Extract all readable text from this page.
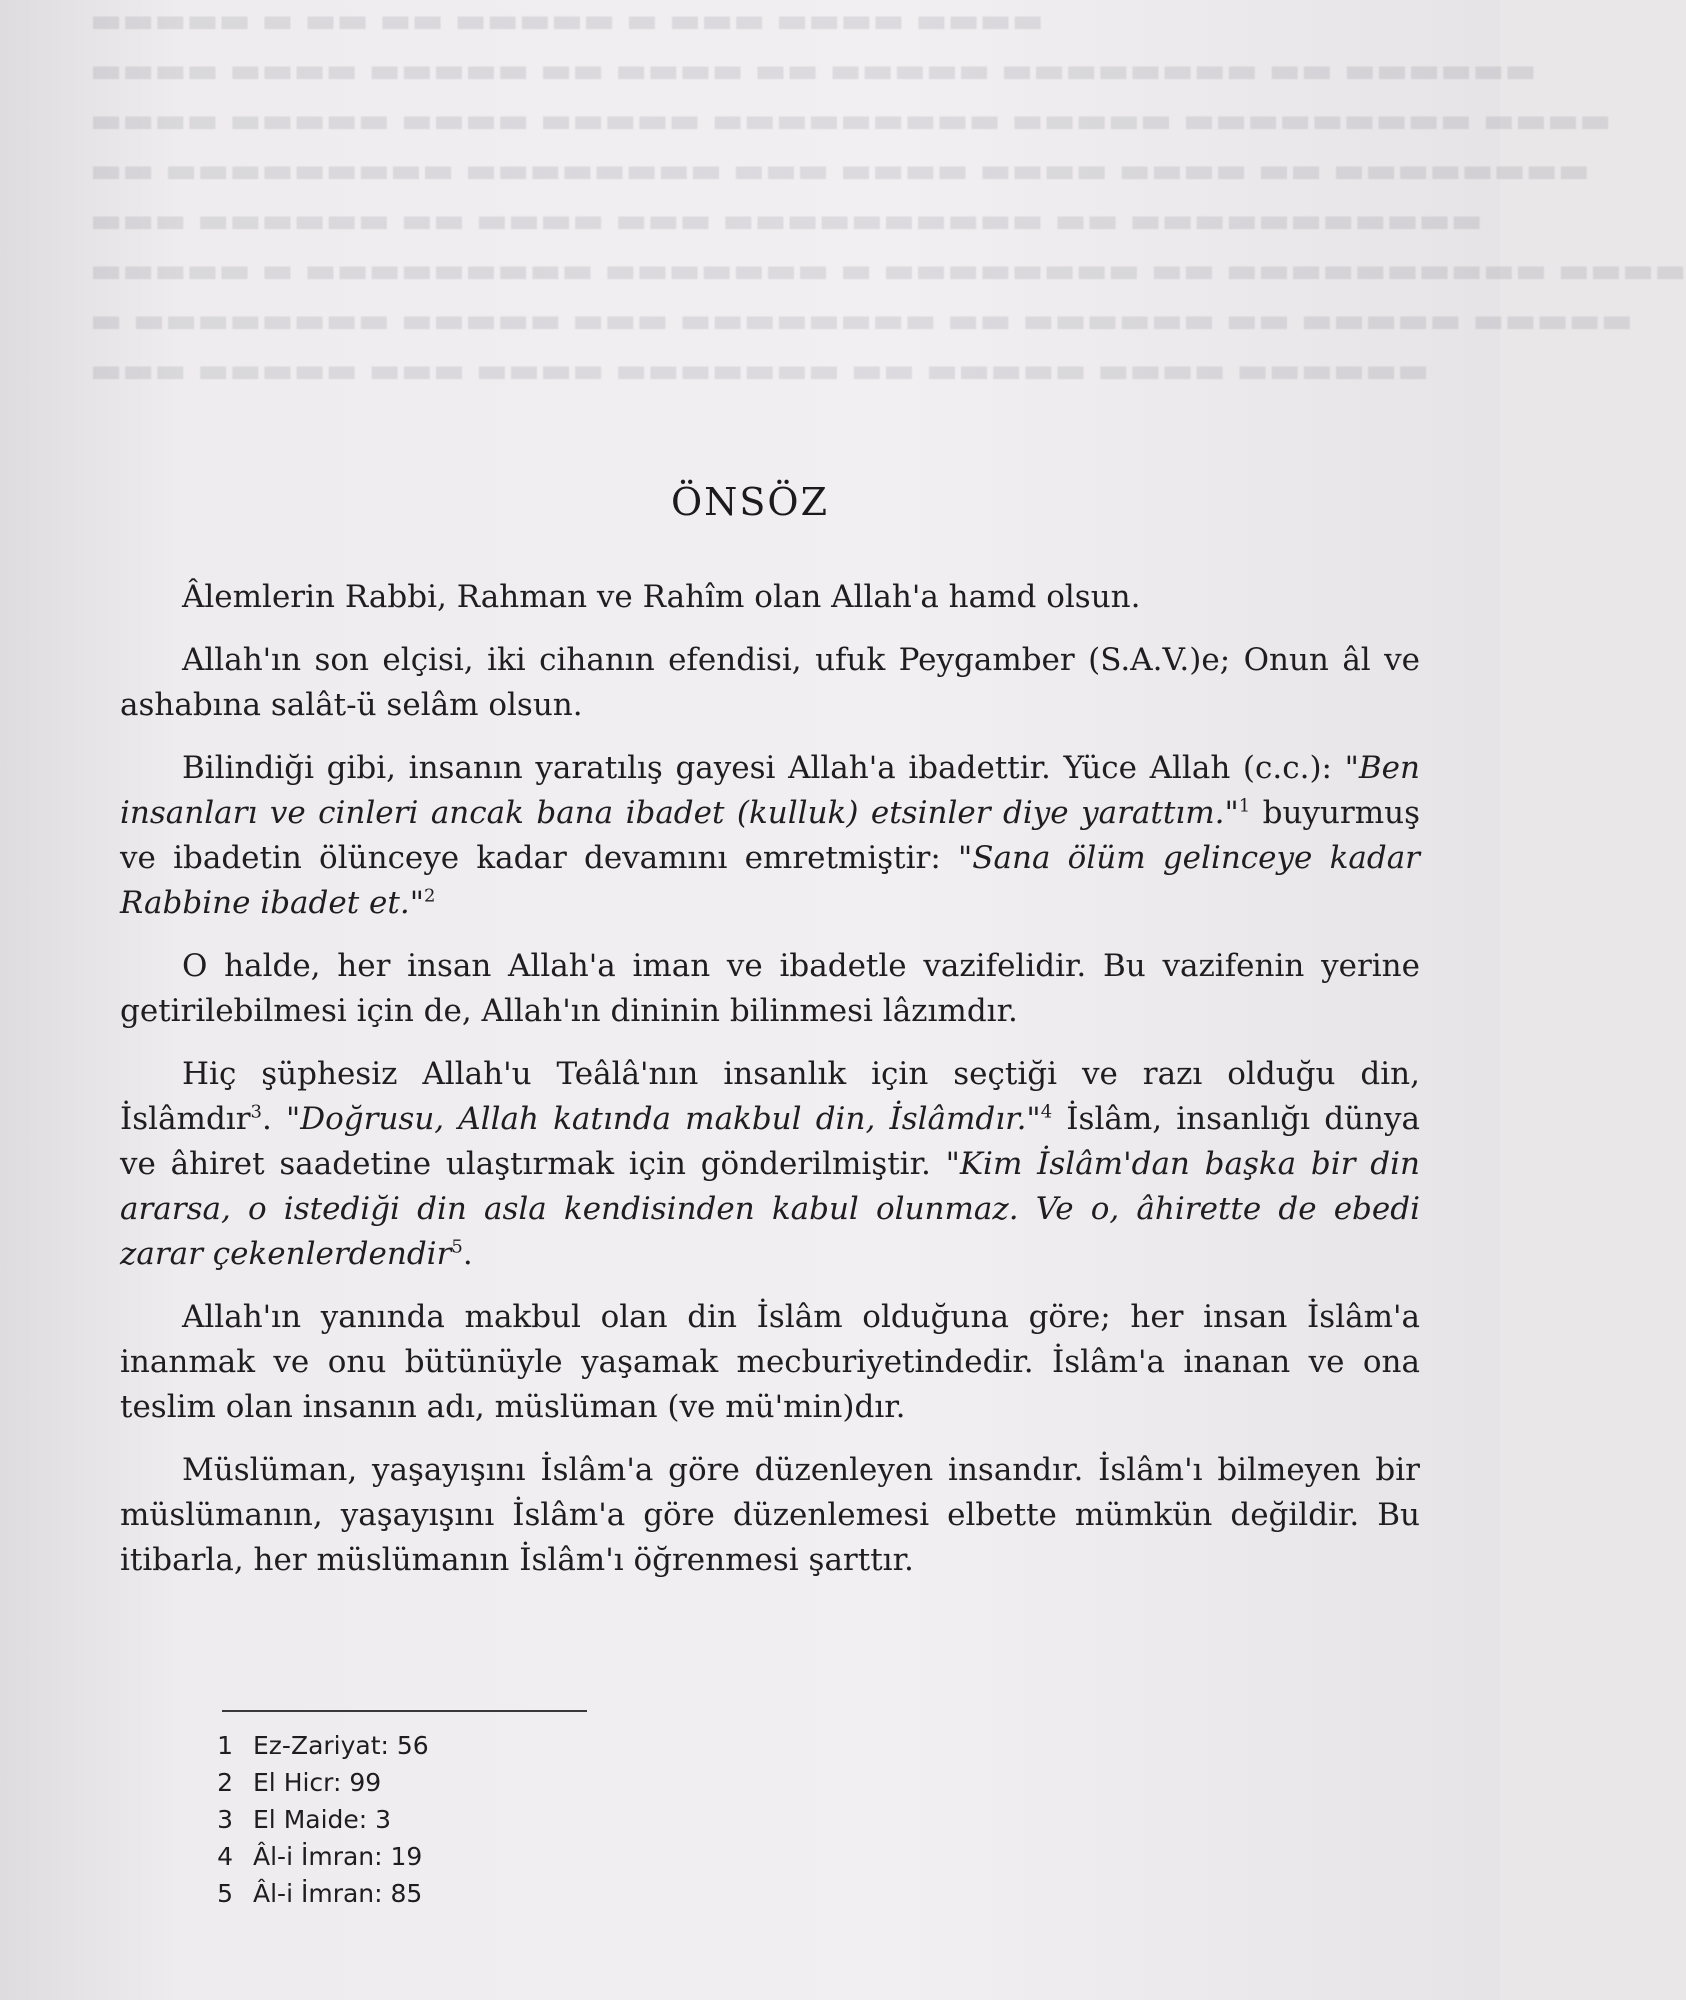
▬▬▬ ▬▬▬▬▬ ▬▬▬ ▬▬▬▬ ▬▬▬▬▬▬▬ ▬▬ ▬▬▬▬▬ ▬▬▬▬ ▬▬▬▬▬▬
▬ ▬▬▬▬▬▬▬▬ ▬▬▬▬▬ ▬▬▬ ▬▬▬▬▬▬▬▬ ▬▬ ▬▬▬▬▬▬ ▬▬ ▬▬▬▬▬ ▬▬▬▬▬
▬▬▬▬▬ ▬ ▬▬▬▬▬▬▬▬▬ ▬▬▬▬▬▬▬ ▬ ▬▬▬▬▬▬▬▬ ▬▬ ▬▬▬▬▬▬▬▬▬▬ ▬▬▬▬
▬▬▬ ▬▬▬▬▬▬ ▬▬ ▬▬▬▬ ▬▬▬ ▬▬▬▬▬▬▬▬▬▬ ▬▬ ▬▬▬▬▬▬▬▬▬▬▬
▬▬ ▬▬▬▬▬▬▬▬▬ ▬▬▬▬▬▬▬▬ ▬▬▬ ▬▬▬▬ ▬▬▬▬ ▬▬▬▬ ▬▬ ▬▬▬▬▬▬▬▬
▬▬▬▬ ▬▬▬▬▬ ▬▬▬▬ ▬▬▬▬▬ ▬▬▬▬▬▬▬▬▬ ▬▬▬▬▬ ▬▬▬▬▬▬▬▬▬ ▬▬▬▬
▬▬▬▬ ▬▬▬▬ ▬▬▬▬▬ ▬▬ ▬▬▬▬ ▬▬ ▬▬▬▬▬ ▬▬▬▬▬▬▬▬ ▬▬ ▬▬▬▬▬▬
▬▬▬▬▬ ▬ ▬▬ ▬▬ ▬▬▬▬▬ ▬ ▬▬▬ ▬▬▬▬ ▬▬▬▬
ÖNSÖZ

Âlemlerin Rabbi, Rahman ve Rahîm olan Allah'a hamd olsun.

Allah'ın son elçisi, iki cihanın efendisi, ufuk Peygamber (S.A.V.)e; Onun âl ve ashabına salât-ü selâm olsun.

Bilindiği gibi, insanın yaratılış gayesi Allah'a ibadettir. Yüce Allah (c.c.): "Ben insanları ve cinleri ancak bana ibadet (kulluk) etsinler diye yarattım."$^1$ buyurmuş ve ibadetin ölünceye kadar devamını emretmiştir: "Sana ölüm gelinceye kadar Rabbine ibadet et."$^2$

O halde, her insan Allah'a iman ve ibadetle vazifelidir. Bu vazifenin yerine getirilebilmesi için de, Allah'ın dininin bilinmesi lâzımdır.

Hiç şüphesiz Allah'u Teâlâ'nın insanlık için seçtiği ve razı olduğu din, İslâmdır$^3$. "Doğrusu, Allah katında makbul din, İslâmdır."$^4$ İslâm, insanlığı dünya ve âhiret saadetine ulaştırmak için gönderilmiştir. "Kim İslâm'dan başka bir din ararsa, o istediği din asla kendisinden kabul olunmaz. Ve o, âhirette de ebedi zarar çekenlerdendir$^5$.

Allah'ın yanında makbul olan din İslâm olduğuna göre; her insan İslâm'a inanmak ve onu bütünüyle yaşamak mecburiyetindedir. İslâm'a inanan ve ona teslim olan insanın adı, müslüman (ve mü'min)dır.

Müslüman, yaşayışını İslâm'a göre düzenleyen insandır. İslâm'ı bilmeyen bir müslümanın, yaşayışını İslâm'a göre düzenlemesi elbette mümkün değildir. Bu itibarla, her müslümanın İslâm'ı öğrenmesi şarttır.

1 Ez-Zariyat: 56
2 El Hicr: 99
3 El Maide: 3
4 Âl-i İmran: 19
5 Âl-i İmran: 85
